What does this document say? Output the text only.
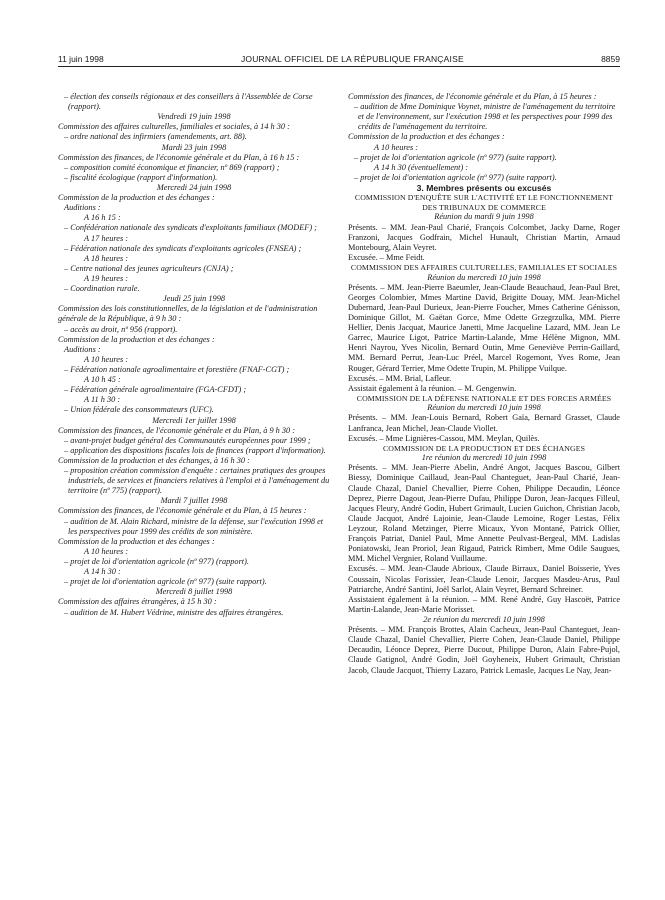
11 juin 1998	JOURNAL OFFICIEL DE LA RÉPUBLIQUE FRANÇAISE	8859

– élection des conseils régionaux et des conseillers à l'Assemblée de Corse (rapport).

Vendredi 19 juin 1998

Commission des affaires culturelles, familiales et sociales, à 14 h 30 :

– ordre national des infirmiers (amendements, art. 88).

Mardi 23 juin 1998

Commission des finances, de l'économie générale et du Plan, à 16 h 15 :

– composition comité économique et financier, nº 869 (rapport) ;

– fiscalité écologique (rapport d'information).

Mercredi 24 juin 1998

Commission de la production et des échanges :

Auditions :

A 16 h 15 :

– Confédération nationale des syndicats d'exploitants familiaux (MODEF) ;

A 17 heures :

– Fédération nationale des syndicats d'exploitants agricoles (FNSEA) ;

A 18 heures :

– Centre national des jeunes agriculteurs (CNJA) ;

A 19 heures :

– Coordination rurale.

Jeudi 25 juin 1998

Commission des lois constitutionnelles, de la législation et de l'administration générale de la République, à 9 h 30 :

– accès au droit, nº 956 (rapport).

Commission de la production et des échanges :

Auditions :

A 10 heures :

– Fédération nationale agroalimentaire et forestière (FNAF-CGT) ;

A 10 h 45 :

– Fédération générale agroalimentaire (FGA-CFDT) ;

A 11 h 30 :

– Union fédérale des consommateurs (UFC).

Mercredi 1er juillet 1998

Commission des finances, de l'économie générale et du Plan, à 9 h 30 :

– avant-projet budget général des Communautés européennes pour 1999 ;

– application des dispositions fiscales lois de finances (rapport d'information).

Commission de la production et des échanges, à 16 h 30 :

– proposition création commission d'enquête : certaines pratiques des groupes industriels, de services et financiers relatives à l'emploi et à l'aménagement du territoire (nº 775) (rapport).

Mardi 7 juillet 1998

Commission des finances, de l'économie générale et du Plan, à 15 heures :

– audition de M. Alain Richard, ministre de la défense, sur l'exécution 1998 et les perspectives pour 1999 des crédits de son ministère.

Commission de la production et des échanges :

A 10 heures :

– projet de loi d'orientation agricole (nº 977) (rapport).

A 14 h 30 :

– projet de loi d'orientation agricole (nº 977) (suite rapport).

Mercredi 8 juillet 1998

Commission des affaires étrangères, à 15 h 30 :

– audition de M. Hubert Védrine, ministre des affaires étrangères.

Commission des finances, de l'économie générale et du Plan, à 15 heures :

– audition de Mme Dominique Voynet, ministre de l'aménagement du territoire et de l'environnement, sur l'exécution 1998 et les perspectives pour 1999 des crédits de l'aménagement du territoire.

Commission de la production et des échanges :

A 10 heures :

– projet de loi d'orientation agricole (nº 977) (suite rapport).

A 14 h 30 (éventuellement) :

– projet de loi d'orientation agricole (nº 977) (suite rapport).

3. Membres présents ou excusés

COMMISSION D'ENQUÊTE SUR L'ACTIVITÉ ET LE FONCTIONNEMENT DES TRIBUNAUX DE COMMERCE

Réunion du mardi 9 juin 1998

Présents. – MM. Jean-Paul Charié, François Colcombet, Jacky Darne, Roger Franzoni, Jacques Godfrain, Michel Hunault, Christian Martin, Arnaud Montebourg, Alain Veyret.

Excusée. – Mme Feidt.

COMMISSION DES AFFAIRES CULTURELLES, FAMILIALES ET SOCIALES

Réunion du mercredi 10 juin 1998

Présents. – MM. Jean-Pierre Baeumler, Jean-Claude Beauchaud, Jean-Paul Bret, Georges Colombier, Mmes Martine David, Brigitte Douay, MM. Jean-Michel Dubernard, Jean-Paul Durieux, Jean-Pierre Foucher, Mmes Catherine Génisson, Dominique Gillot, M. Gaëtan Gorce, Mme Odette Grzegrzulka, MM. Pierre Hellier, Denis Jacquat, Maurice Janetti, Mme Jacqueline Lazard, MM. Jean Le Garrec, Maurice Ligot, Patrice Martin-Lalande, Mme Hélène Mignon, MM. Henri Nayrou, Yves Nicolin, Bernard Outin, Mme Geneviève Perrin-Gaillard, MM. Bernard Perrut, Jean-Luc Préel, Marcel Rogemont, Yves Rome, Jean Rouger, Gérard Terrier, Mme Odette Trupin, M. Philippe Vuilque.

Excusés. – MM. Brial, Lafleur.

Assistait également à la réunion. – M. Gengenwin.

COMMISSION DE LA DÉFENSE NATIONALE ET DES FORCES ARMÉES

Réunion du mercredi 10 juin 1998

Présents. – MM. Jean-Louis Bernard, Robert Gaïa, Bernard Grasset, Claude Lanfranca, Jean Michel, Jean-Claude Viollet.

Excusés. – Mme Lignières-Cassou, MM. Meylan, Quilès.

COMMISSION DE LA PRODUCTION ET DES ÉCHANGES

1re réunion du mercredi 10 juin 1998

Présents. – MM. Jean-Pierre Abelin, André Angot, Jacques Bascou, Gilbert Biessy, Dominique Caillaud, Jean-Paul Chanteguet, Jean-Paul Charié, Jean-Claude Chazal, Daniel Chevallier, Pierre Cohen, Philippe Decaudin, Léonce Deprez, Pierre Dagout, Jean-Pierre Dufau, Philippe Duron, Jean-Jacques Filleul, Jacques Fleury, André Godin, Hubert Grimault, Lucien Guichon, Christian Jacob, Claude Jacquot, André Lajoinie, Jean-Claude Lemoine, Roger Lestas, Félix Leyzour, Roland Metzinger, Pierre Micaux, Yvon Montané, Patrick Ollier, François Patriat, Daniel Paul, Mme Annette Peulvast-Bergeal, MM. Ladislas Poniatowski, Jean Proriol, Jean Rigaud, Patrick Rimbert, Mme Odile Saugues, MM. Michel Vergnier, Roland Vuillaume.

Excusés. – MM. Jean-Claude Abrioux, Claude Birraux, Daniel Boisserie, Yves Coussain, Nicolas Forissier, Jean-Claude Lenoir, Jacques Masdeu-Arus, Paul Patriarche, André Santini, Joël Sarlot, Alain Veyret, Bernard Schreiner.

Assistaient également à la réunion. – MM. René André, Guy Hascoët, Patrice Martin-Lalande, Jean-Marie Morisset.

2e réunion du mercredi 10 juin 1998

Présents. – MM. François Brottes, Alain Cacheux, Jean-Paul Chanteguet, Jean-Claude Chazal, Daniel Chevallier, Pierre Cohen, Jean-Claude Daniel, Philippe Decaudin, Léonce Deprez, Pierre Ducout, Philippe Duron, Alain Fabre-Pujol, Claude Gatignol, André Godin, Joël Goyheneix, Hubert Grimault, Christian Jacob, Claude Jacquot, Thierry Lazaro, Patrick Lemasle, Jacques Le Nay, Jean-
